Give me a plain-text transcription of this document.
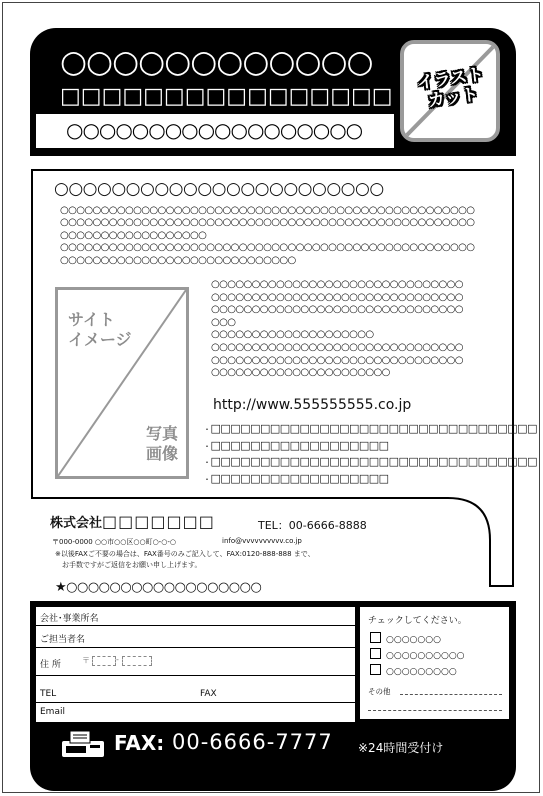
○○○○○○○○○○○○
□□□□□□□□□□□□□□□□
○○○○○○○○○○○○○○○○○○
イラスト カット
○○○○○○○○○○○○○○○○○○○○○○○
○○○○○○○○○○○○○○○○○○○○○○○○○○○○○○○○○○○○○○○○○○○○○○○○○○○
○○○○○○○○○○○○○○○○○○○○○○○○○○○○○○○○○○○○○○○○○○○○○○○○○○○
○○○○○○○○○○○○○○○○○○
○○○○○○○○○○○○○○○○○○○○○○○○○○○○○○○○○○○○○○○○○○○○○○○○○○○
○○○○○○○○○○○○○○○○○○○○○○○○○○○○○
サイト
イメージ
写真
画像
○○○○○○○○○○○○○○○○○○○○○○○○○○○○○○○
○○○○○○○○○○○○○○○○○○○○○○○○○○○○○○○
○○○○○○○○○○○○○○○○○○○○○○○○○○○○○○○
○○○
○○○○○○○○○○○○○○○○○○○○
○○○○○○○○○○○○○○○○○○○○○○○○○○○○○○○
○○○○○○○○○○○○○○○○○○○○○○○○○○○○○○○
○○○○○○○○○○○○○○○○○○○○○○
http://www.555555555.co.jp
・ □□□□□□□□□□□□□□□□□□□□□□□□□□□□□□□□□
・ □□□□□□□□□□□□□□□□□□
・ □□□□□□□□□□□□□□□□□□□□□□□□□□□□□□□□□
・ □□□□□□□□□□□□□□□□□□
株式会社□□□□□□□	TEL：00-6666-8888
〒000-0000 ○○市○○区○○町○-○-○	info@vvvvvvvvvv.co.jp
※以後FAXご不要の場合は、FAX番号のみご記入して、FAX:0120-888-888 まで、
　お手数ですがご返信をお願い申し上げます。
★○○○○○○○○○○○○○○○○○○
会社･事業所名
ご担当者名
住 所	〒	-
TEL	FAX
Email
チェックしてください。
○○○○○○○
○○○○○○○○○○
○○○○○○○○○
その他
FAX: 00-6666-7777 ※24時間受付け
